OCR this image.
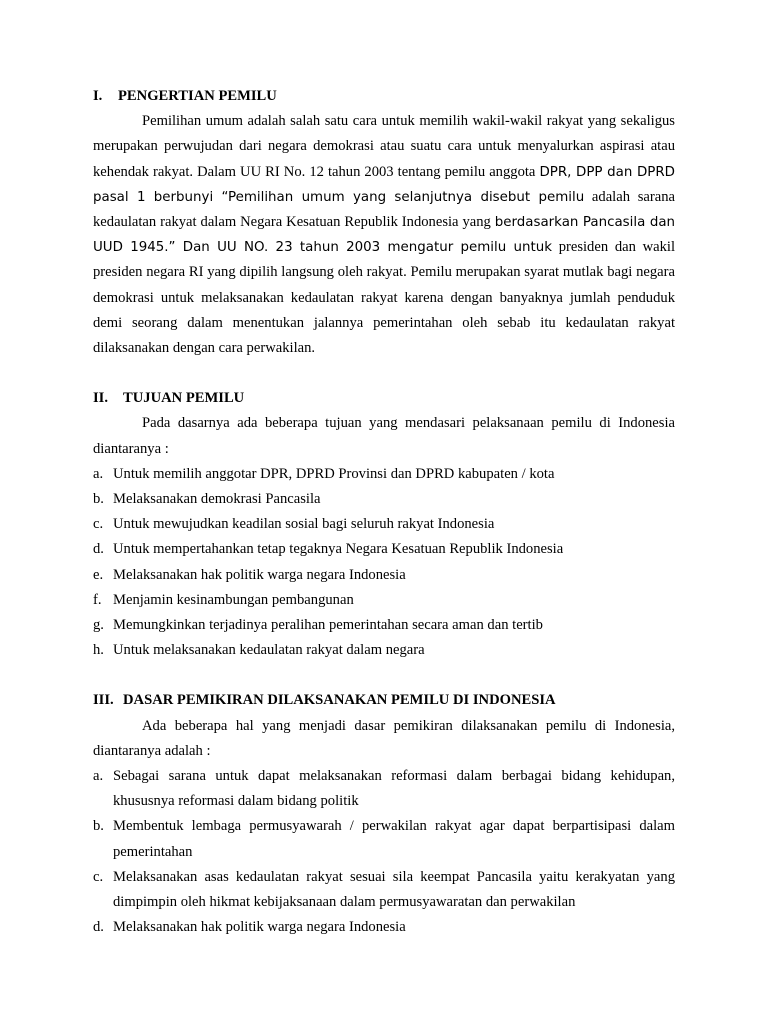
I.	PENGERTIAN PEMILU

Pemilihan umum adalah salah satu cara untuk memilih wakil-wakil rakyat yang sekaligus merupakan perwujudan dari negara demokrasi atau suatu cara untuk menyalurkan aspirasi atau kehendak rakyat. Dalam UU RI No. 12 tahun 2003 tentang pemilu anggota DPR, DPP dan DPRD pasal 1 berbunyi “Pemilihan umum yang selanjutnya disebut pemilu adalah sarana kedaulatan rakyat dalam Negara Kesatuan Republik Indonesia yang berdasarkan Pancasila dan UUD 1945.” Dan UU NO. 23 tahun 2003 mengatur pemilu untuk presiden dan wakil presiden negara RI yang dipilih langsung oleh rakyat. Pemilu merupakan syarat mutlak bagi negara demokrasi untuk melaksanakan kedaulatan rakyat karena dengan banyaknya jumlah penduduk demi seorang dalam menentukan jalannya pemerintahan oleh sebab itu kedaulatan rakyat dilaksanakan dengan cara perwakilan.

II.	TUJUAN PEMILU

Pada dasarnya ada beberapa tujuan yang mendasari pelaksanaan pemilu di Indonesia diantaranya :

a. Untuk memilih anggotar DPR, DPRD Provinsi dan DPRD kabupaten / kota
b. Melaksanakan demokrasi Pancasila
c. Untuk mewujudkan keadilan sosial bagi seluruh rakyat Indonesia
d. Untuk mempertahankan tetap tegaknya Negara Kesatuan Republik Indonesia
e. Melaksanakan hak politik warga negara Indonesia
f. Menjamin kesinambungan pembangunan
g. Memungkinkan terjadinya peralihan pemerintahan secara aman dan tertib
h. Untuk melaksanakan kedaulatan rakyat dalam negara
III. DASAR PEMIKIRAN DILAKSANAKAN PEMILU DI INDONESIA

Ada beberapa hal yang menjadi dasar pemikiran dilaksanakan pemilu di Indonesia, diantaranya adalah :

a. Sebagai sarana untuk dapat melaksanakan reformasi dalam berbagai bidang kehidupan, khususnya reformasi dalam bidang politik
b. Membentuk lembaga permusyawarah / perwakilan rakyat agar dapat berpartisipasi dalam pemerintahan
c. Melaksanakan asas kedaulatan rakyat sesuai sila keempat Pancasila yaitu kerakyatan yang dimpimpin oleh hikmat kebijaksanaan dalam permusyawaratan dan perwakilan
d. Melaksanakan hak politik warga negara Indonesia
